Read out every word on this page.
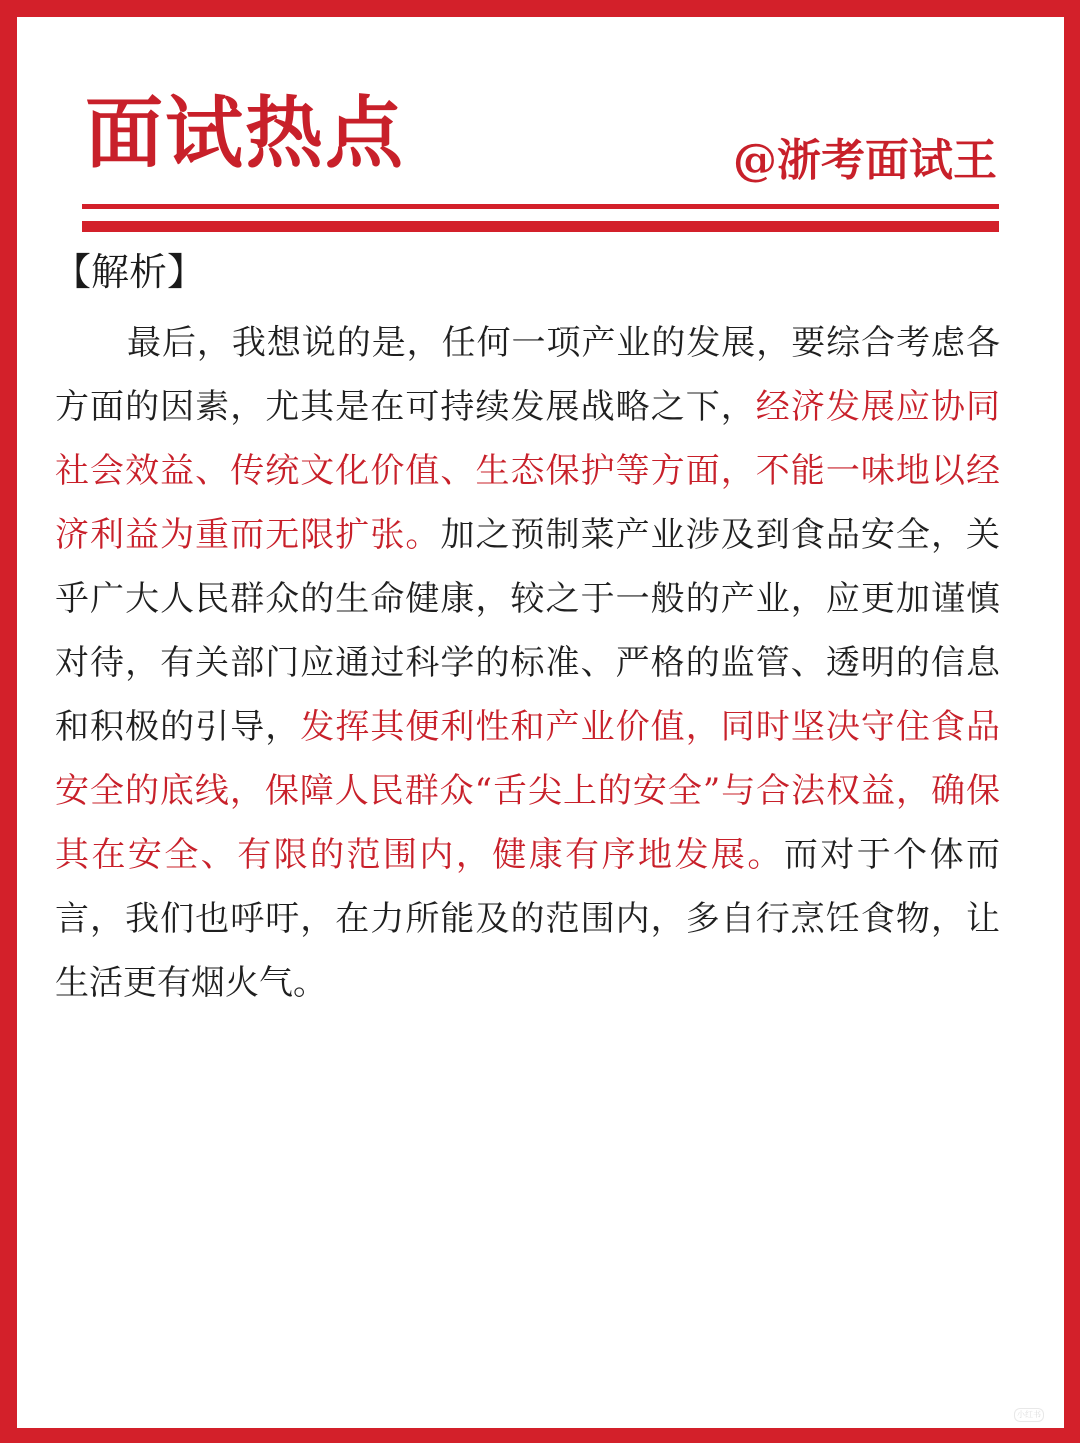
面试热点	@浙考面试王
【解析】

最后，我想说的是，任何一项产业的发展，要综合考虑各方面的因素，尤其是在可持续发展战略之下，经济发展应协同社会效益、传统文化价值、生态保护等方面，不能一味地以经济利益为重而无限扩张。加之预制菜产业涉及到食品安全，关乎广大人民群众的生命健康，较之于一般的产业，应更加谨慎对待，有关部门应通过科学的标准、严格的监管、透明的信息和积极的引导，发挥其便利性和产业价值，同时坚决守住食品安全的底线，保障人民群众“舌尖上的安全”与合法权益，确保其在安全、有限的范围内，健康有序地发展。而对于个体而言，我们也呼吁，在力所能及的范围内，多自行烹饪食物，让生活更有烟火气。

小红书
